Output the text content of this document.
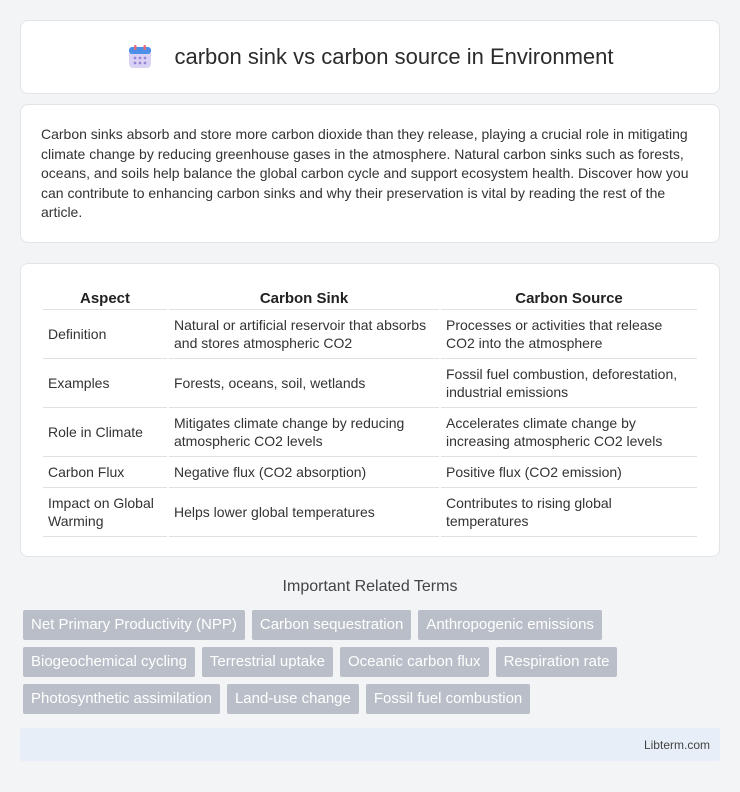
carbon sink vs carbon source in Environment

Carbon sinks absorb and store more carbon dioxide than they release, playing a crucial role in mitigating climate change by reducing greenhouse gases in the atmosphere. Natural carbon sinks such as forests, oceans, and soils help balance the global carbon cycle and support ecosystem health. Discover how you can contribute to enhancing carbon sinks and why their preservation is vital by reading the rest of the article.

Aspect	Carbon Sink	Carbon Source
Definition	Natural or artificial reservoir that absorbs and stores atmospheric CO2	Processes or activities that release CO2 into the atmosphere
Examples	Forests, oceans, soil, wetlands	Fossil fuel combustion, deforestation, industrial emissions
Role in Climate	Mitigates climate change by reducing atmospheric CO2 levels	Accelerates climate change by increasing atmospheric CO2 levels
Carbon Flux	Negative flux (CO2 absorption)	Positive flux (CO2 emission)
Impact on Global Warming	Helps lower global temperatures	Contributes to rising global temperatures
Important Related Terms
Net Primary Productivity (NPP)	Carbon sequestration	Anthropogenic emissions
Biogeochemical cycling	Terrestrial uptake	Oceanic carbon flux	Respiration rate
Photosynthetic assimilation	Land-use change	Fossil fuel combustion
Libterm.com
